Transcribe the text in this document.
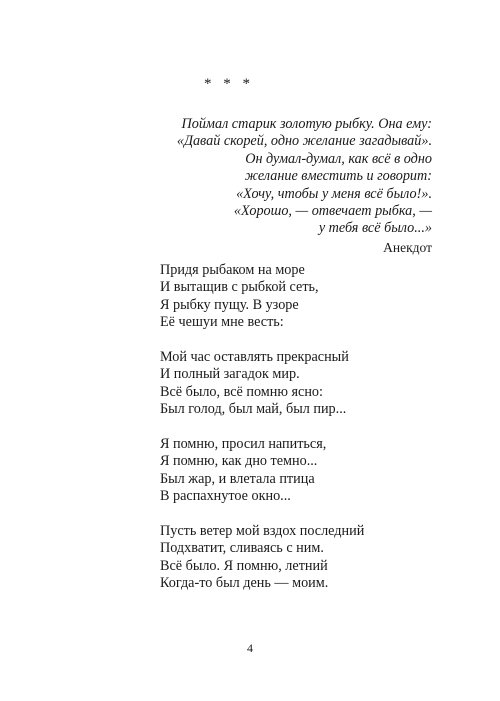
* * *
Поймал старик золотую рыбку. Она ему:
«Давай скорей, одно желание загадывай».
Он думал-думал, как всё в одно
желание вместить и говорит:
«Хочу, чтобы у меня всё было!».
«Хорошо, — отвечает рыбка, —
у тебя всё было...»
Анекдот
Придя рыбаком на море
И вытащив с рыбкой сеть,
Я рыбку пущу. В узоре
Её чешуи мне весть:
Мой час оставлять прекрасный
И полный загадок мир.
Всё было, всё помню ясно:
Был голод, был май, был пир...
Я помню, просил напиться,
Я помню, как дно темно...
Был жар, и влетала птица
В распахнутое окно...
Пусть ветер мой вздох последний
Подхватит, сливаясь с ним.
Всё было. Я помню, летний
Когда-то был день — моим.
4
